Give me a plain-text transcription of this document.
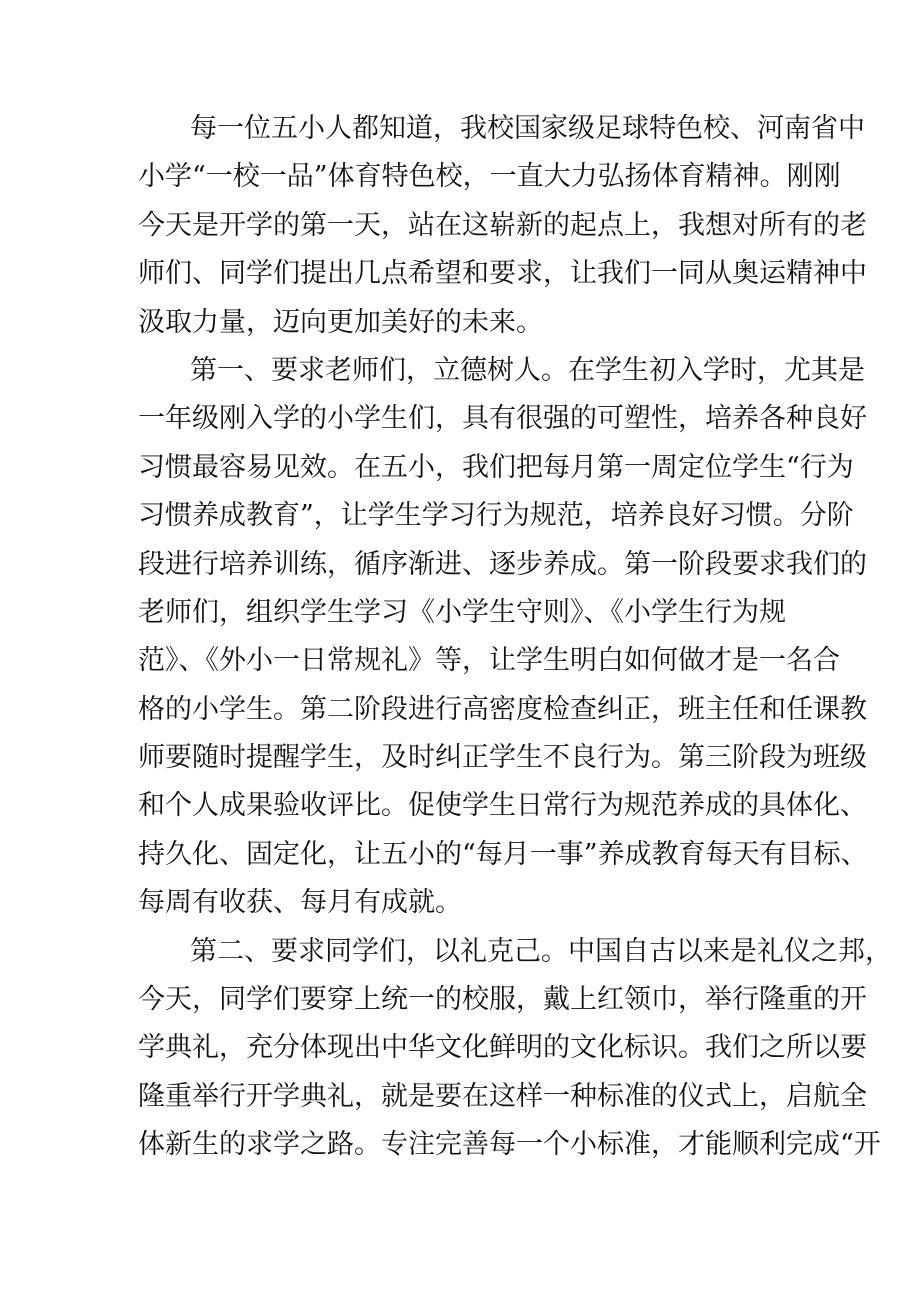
每一位五小人都知道，我校国家级足球特色校、河南省中
小学“一校一品”体育特色校，一直大力弘扬体育精神。刚刚
今天是开学的第一天，站在这崭新的起点上，我想对所有的老
师们、同学们提出几点希望和要求，让我们一同从奥运精神中
汲取力量，迈向更加美好的未来。
第一、要求老师们，立德树人。在学生初入学时，尤其是
一年级刚入学的小学生们，具有很强的可塑性，培养各种良好
习惯最容易见效。在五小，我们把每月第一周定位学生“行为
习惯养成教育”，让学生学习行为规范，培养良好习惯。分阶
段进行培养训练，循序渐进、逐步养成。第一阶段要求我们的
老师们，组织学生学习《小学生守则》、《小学生行为规
范》、《外小一日常规礼》等，让学生明白如何做才是一名合
格的小学生。第二阶段进行高密度检查纠正，班主任和任课教
师要随时提醒学生，及时纠正学生不良行为。第三阶段为班级
和个人成果验收评比。促使学生日常行为规范养成的具体化、
持久化、固定化，让五小的“每月一事”养成教育每天有目标、
每周有收获、每月有成就。
第二、要求同学们，以礼克己。中国自古以来是礼仪之邦，
今天，同学们要穿上统一的校服，戴上红领巾，举行隆重的开
学典礼，充分体现出中华文化鲜明的文化标识。我们之所以要
隆重举行开学典礼，就是要在这样一种标准的仪式上，启航全
体新生的求学之路。专注完善每一个小标准，才能顺利完成“开
